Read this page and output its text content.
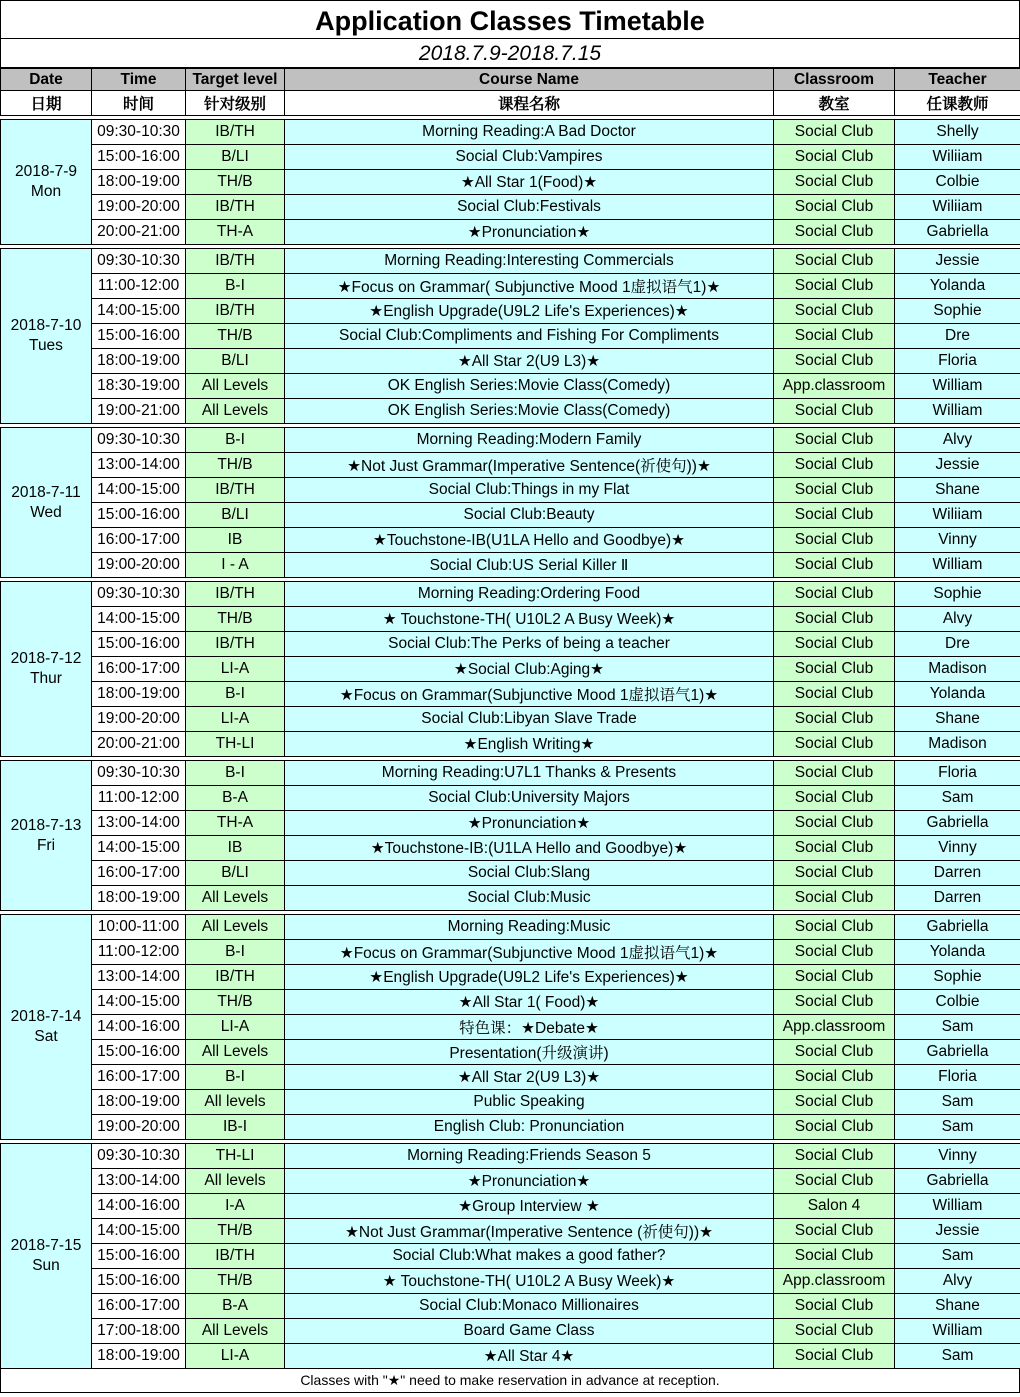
Application Classes Timetable
2018.7.9-2018.7.15
Date	Time	Target level	Course Name	Classroom	Teacher
日期	时间	针对级别	课程名称	教室	任课教师

2018-7-9
Mon	09:30-10:30	IB/TH	Morning Reading:A Bad Doctor	Social Club	Shelly
	15:00-16:00	B/LI	Social Club:Vampires	Social Club	Wiliiam
	18:00-19:00	TH/B	★All Star 1(Food)★	Social Club	Colbie
	19:00-20:00	IB/TH	Social Club:Festivals	Social Club	Wiliiam
	20:00-21:00	TH-A	★Pronunciation★	Social Club	Gabriella

2018-7-10
Tues	09:30-10:30	IB/TH	Morning Reading:Interesting Commercials	Social Club	Jessie
	11:00-12:00	B-I	★Focus on Grammar( Subjunctive Mood 1虚拟语气1)★	Social Club	Yolanda
	14:00-15:00	IB/TH	★English Upgrade(U9L2 Life's Experiences)★	Social Club	Sophie
	15:00-16:00	TH/B	Social Club:Compliments and Fishing For Compliments	Social Club	Dre
	18:00-19:00	B/LI	★All Star 2(U9 L3)★	Social Club	Floria
	18:30-19:00	All Levels	OK English Series:Movie Class(Comedy)	App.classroom	William
	19:00-21:00	All Levels	OK English Series:Movie Class(Comedy)	Social Club	William

2018-7-11
Wed	09:30-10:30	B-I	Morning Reading:Modern Family	Social Club	Alvy
	13:00-14:00	TH/B	★Not Just Grammar(Imperative Sentence(祈使句))★	Social Club	Jessie
	14:00-15:00	IB/TH	Social Club:Things in my Flat	Social Club	Shane
	15:00-16:00	B/LI	Social Club:Beauty	Social Club	Wiliiam
	16:00-17:00	IB	★Touchstone-IB(U1LA Hello and Goodbye)★	Social Club	Vinny
	19:00-20:00	I - A	Social Club:US Serial Killer Ⅱ	Social Club	William

2018-7-12
Thur	09:30-10:30	IB/TH	Morning Reading:Ordering Food	Social Club	Sophie
	14:00-15:00	TH/B	★ Touchstone-TH( U10L2 A Busy Week)★	Social Club	Alvy
	15:00-16:00	IB/TH	Social Club:The Perks of being a teacher	Social Club	Dre
	16:00-17:00	LI-A	★Social Club:Aging★	Social Club	Madison
	18:00-19:00	B-I	★Focus on Grammar(Subjunctive Mood 1虚拟语气1)★	Social Club	Yolanda
	19:00-20:00	LI-A	Social Club:Libyan Slave Trade	Social Club	Shane
	20:00-21:00	TH-LI	★English Writing★	Social Club	Madison

2018-7-13
Fri	09:30-10:30	B-I	Morning Reading:U7L1 Thanks & Presents	Social Club	Floria
	11:00-12:00	B-A	Social Club:University Majors	Social Club	Sam
	13:00-14:00	TH-A	★Pronunciation★	Social Club	Gabriella
	14:00-15:00	IB	★Touchstone-IB:(U1LA Hello and Goodbye)★	Social Club	Vinny
	16:00-17:00	B/LI	Social Club:Slang	Social Club	Darren
	18:00-19:00	All Levels	Social Club:Music	Social Club	Darren

2018-7-14
Sat	10:00-11:00	All Levels	Morning Reading:Music	Social Club	Gabriella
	11:00-12:00	B-I	★Focus on Grammar(Subjunctive Mood 1虚拟语气1)★	Social Club	Yolanda
	13:00-14:00	IB/TH	★English Upgrade(U9L2 Life's Experiences)★	Social Club	Sophie
	14:00-15:00	TH/B	★All Star 1( Food)★	Social Club	Colbie
	14:00-16:00	LI-A	特色课：★Debate★	App.classroom	Sam
	15:00-16:00	All Levels	Presentation(升级演讲)	Social Club	Gabriella
	16:00-17:00	B-I	★All Star 2(U9 L3)★	Social Club	Floria
	18:00-19:00	All levels	Public Speaking	Social Club	Sam
	19:00-20:00	IB-I	English Club: Pronunciation	Social Club	Sam

2018-7-15
Sun	09:30-10:30	TH-LI	Morning Reading:Friends Season 5	Social Club	Vinny
	13:00-14:00	All levels	★Pronunciation★	Social Club	Gabriella
	14:00-16:00	I-A	★Group Interview ★	Salon 4	William
	14:00-15:00	TH/B	★Not Just Grammar(Imperative Sentence (祈使句))★	Social Club	Jessie
	15:00-16:00	IB/TH	Social Club:What makes a good father?	Social Club	Sam
	15:00-16:00	TH/B	★ Touchstone-TH( U10L2 A Busy Week)★	App.classroom	Alvy
	16:00-17:00	B-A	Social Club:Monaco Millionaires	Social Club	Shane
	17:00-18:00	All Levels	Board Game Class	Social Club	William
	18:00-19:00	LI-A	★All Star 4★	Social Club	Sam
Classes with "★" need to make reservation in advance at reception.
